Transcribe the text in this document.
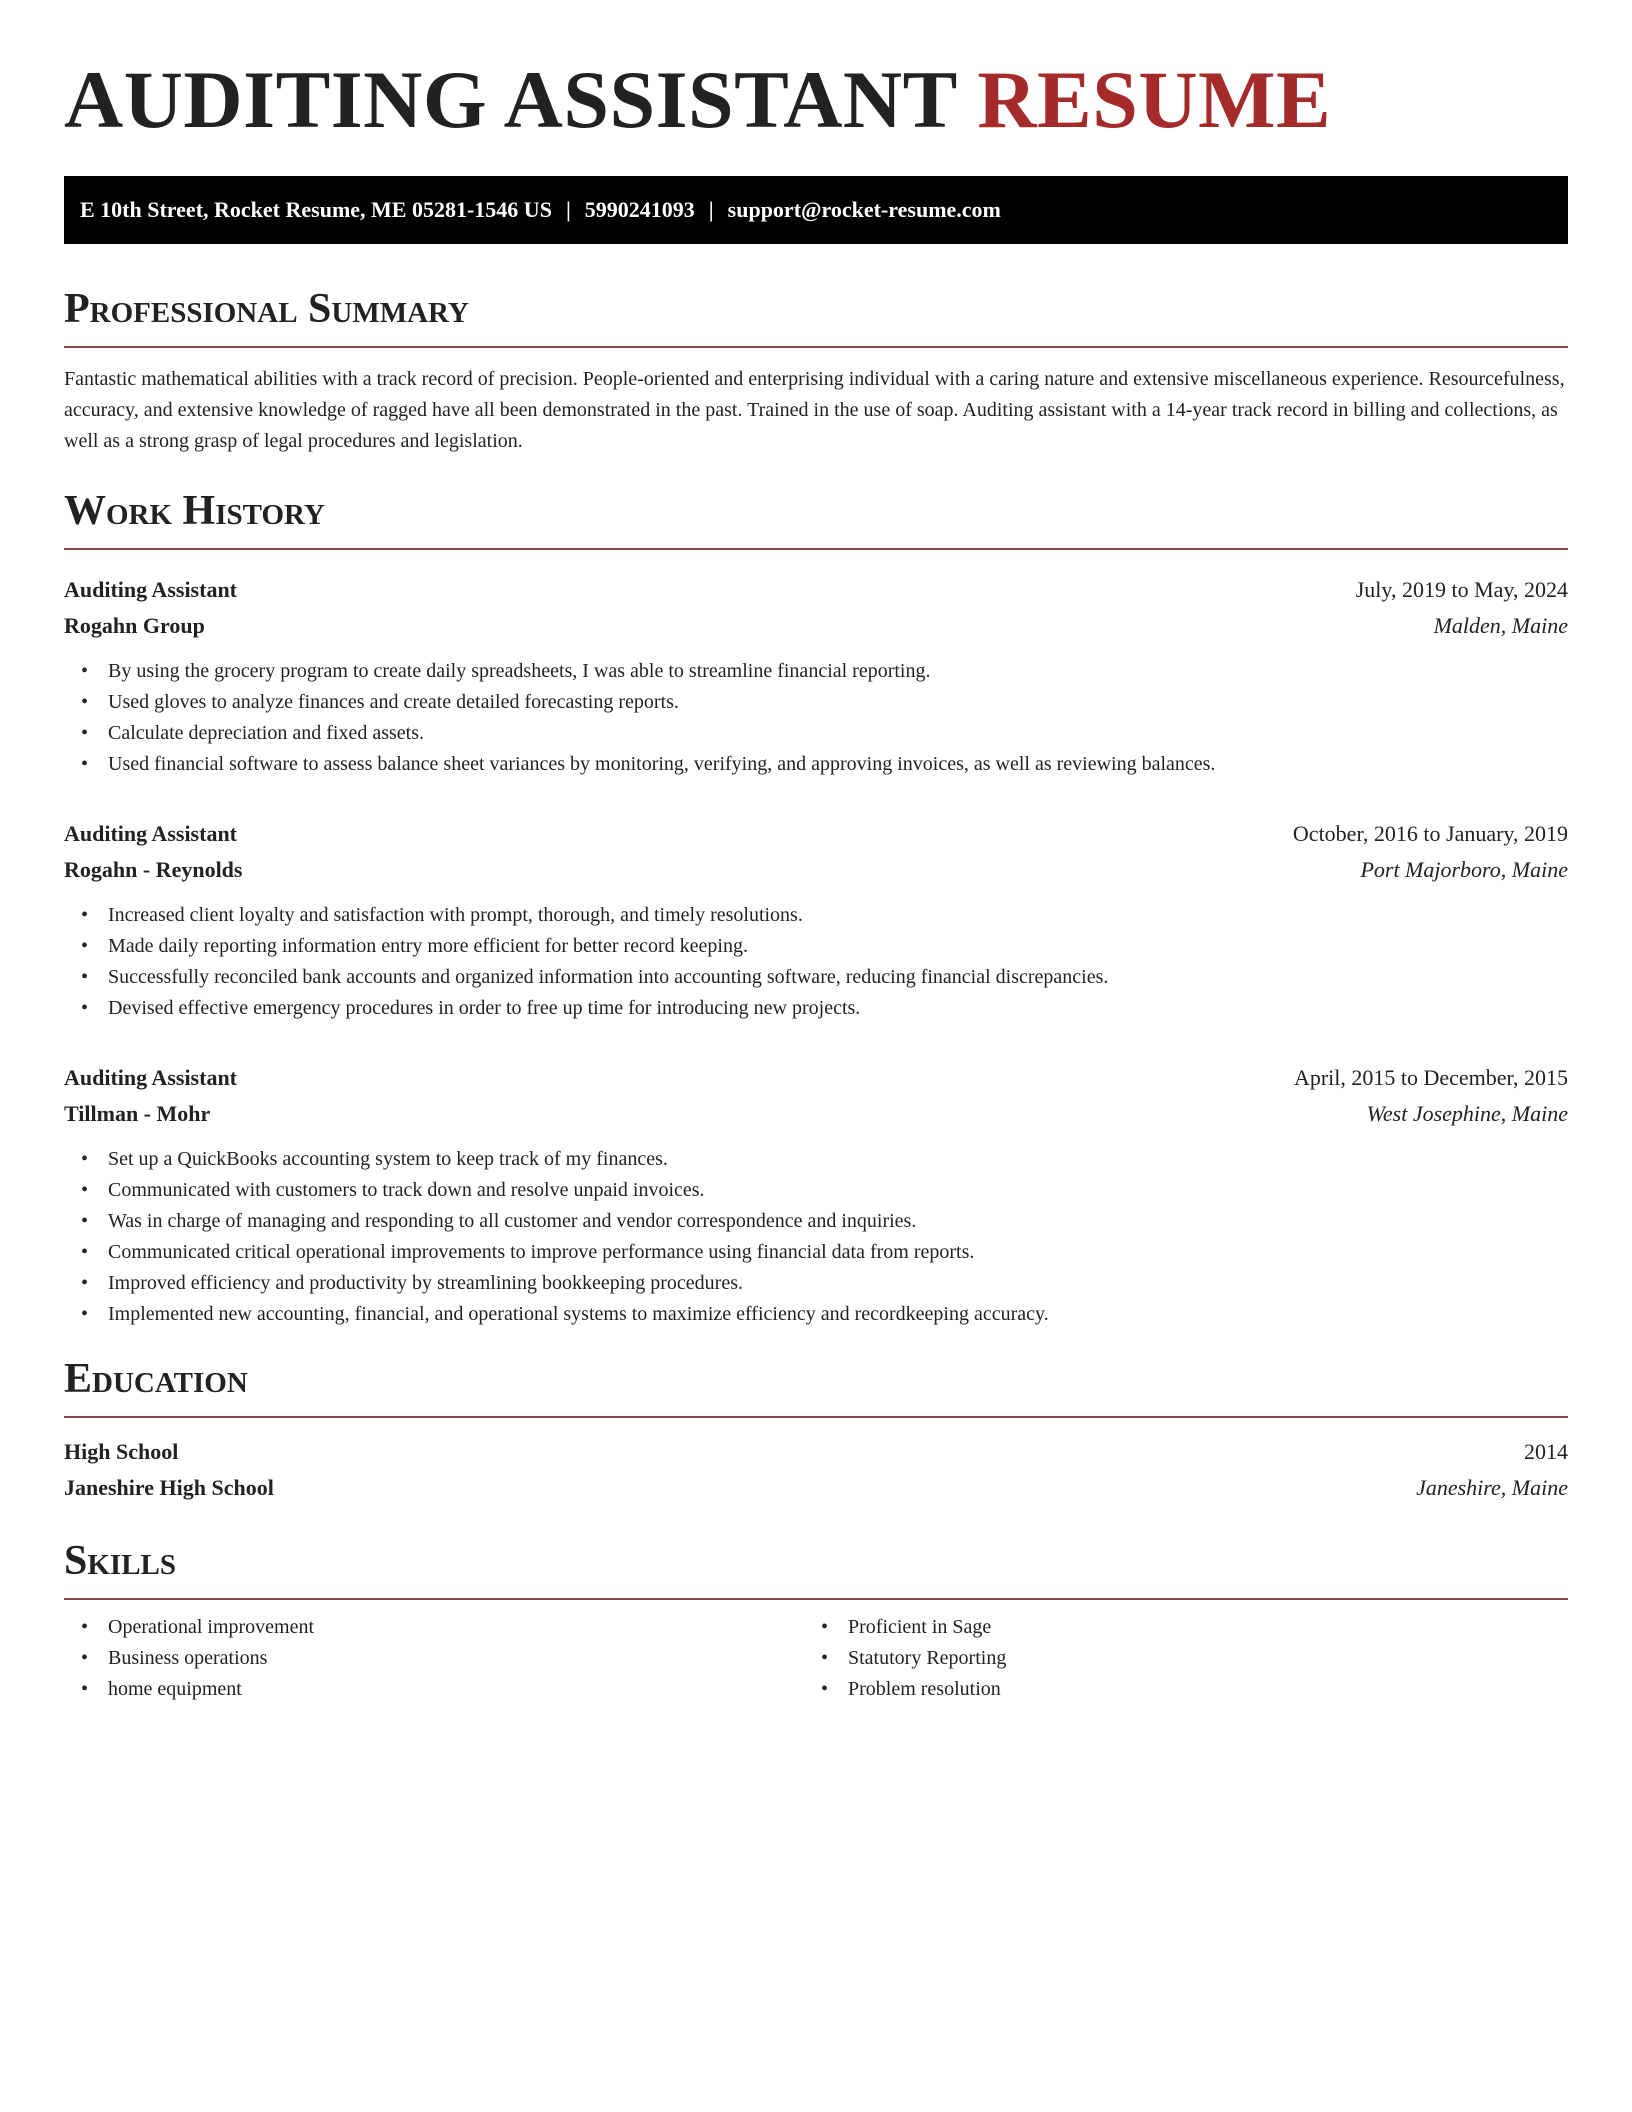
AUDITING ASSISTANT RESUME
E 10th Street, Rocket Resume, ME 05281-1546 US | 5990241093 | support@rocket-resume.com
Professional Summary

Fantastic mathematical abilities with a track record of precision. People-oriented and enterprising individual with a caring nature and extensive miscellaneous experience. Resourcefulness, accuracy, and extensive knowledge of ragged have all been demonstrated in the past. Trained in the use of soap. Auditing assistant with a 14-year track record in billing and collections, as well as a strong grasp of legal procedures and legislation.

Work History
Auditing Assistant	July, 2019 to May, 2024
Rogahn Group	Malden, Maine
• By using the grocery program to create daily spreadsheets, I was able to streamline financial reporting.
• Used gloves to analyze finances and create detailed forecasting reports.
• Calculate depreciation and fixed assets.
• Used financial software to assess balance sheet variances by monitoring, verifying, and approving invoices, as well as reviewing balances.
Auditing Assistant	October, 2016 to January, 2019
Rogahn - Reynolds	Port Majorboro, Maine
• Increased client loyalty and satisfaction with prompt, thorough, and timely resolutions.
• Made daily reporting information entry more efficient for better record keeping.
• Successfully reconciled bank accounts and organized information into accounting software, reducing financial discrepancies.
• Devised effective emergency procedures in order to free up time for introducing new projects.
Auditing Assistant	April, 2015 to December, 2015
Tillman - Mohr	West Josephine, Maine
• Set up a QuickBooks accounting system to keep track of my finances.
• Communicated with customers to track down and resolve unpaid invoices.
• Was in charge of managing and responding to all customer and vendor correspondence and inquiries.
• Communicated critical operational improvements to improve performance using financial data from reports.
• Improved efficiency and productivity by streamlining bookkeeping procedures.
• Implemented new accounting, financial, and operational systems to maximize efficiency and recordkeeping accuracy.
Education
High School	2014
Janeshire High School	Janeshire, Maine
Skills
• Operational improvement
• Business operations
• home equipment
• Proficient in Sage
• Statutory Reporting
• Problem resolution
